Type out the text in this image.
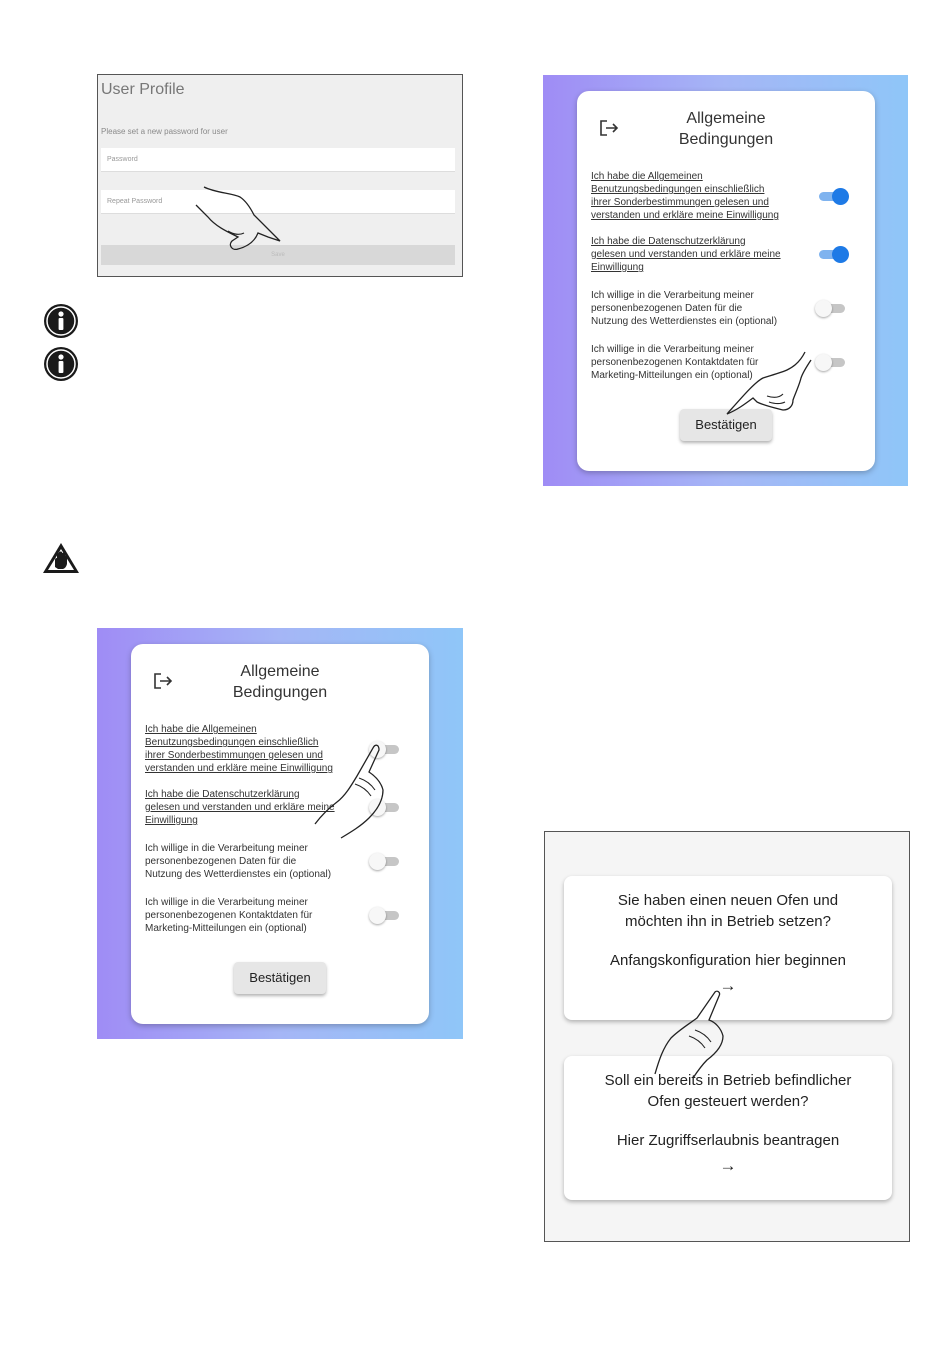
User Profile
Please set a new password for user
Password
Repeat Password
Save
Allgemeine
Bedingungen
Ich habe die Allgemeinen
Benutzungsbedingungen einschließlich
ihrer Sonderbestimmungen gelesen und
verstanden und erkläre meine Einwilligung
Ich habe die Datenschutzerklärung
gelesen und verstanden und erkläre meine
Einwilligung
Ich willige in die Verarbeitung meiner
personenbezogenen Daten für die
Nutzung des Wetterdienstes ein (optional)
Ich willige in die Verarbeitung meiner
personenbezogenen Kontaktdaten für
Marketing-Mitteilungen ein (optional)
Bestätigen
Allgemeine
Bedingungen
Ich habe die Allgemeinen
Benutzungsbedingungen einschließlich
ihrer Sonderbestimmungen gelesen und
verstanden und erkläre meine Einwilligung
Ich habe die Datenschutzerklärung
gelesen und verstanden und erkläre meine
Einwilligung
Ich willige in die Verarbeitung meiner
personenbezogenen Daten für die
Nutzung des Wetterdienstes ein (optional)
Ich willige in die Verarbeitung meiner
personenbezogenen Kontaktdaten für
Marketing-Mitteilungen ein (optional)
Bestätigen
Sie haben einen neuen Ofen und
möchten ihn in Betrieb setzen?
Anfangskonfiguration hier beginnen
→
Soll ein bereits in Betrieb befindlicher
Ofen gesteuert werden?
Hier Zugriffserlaubnis beantragen
→
